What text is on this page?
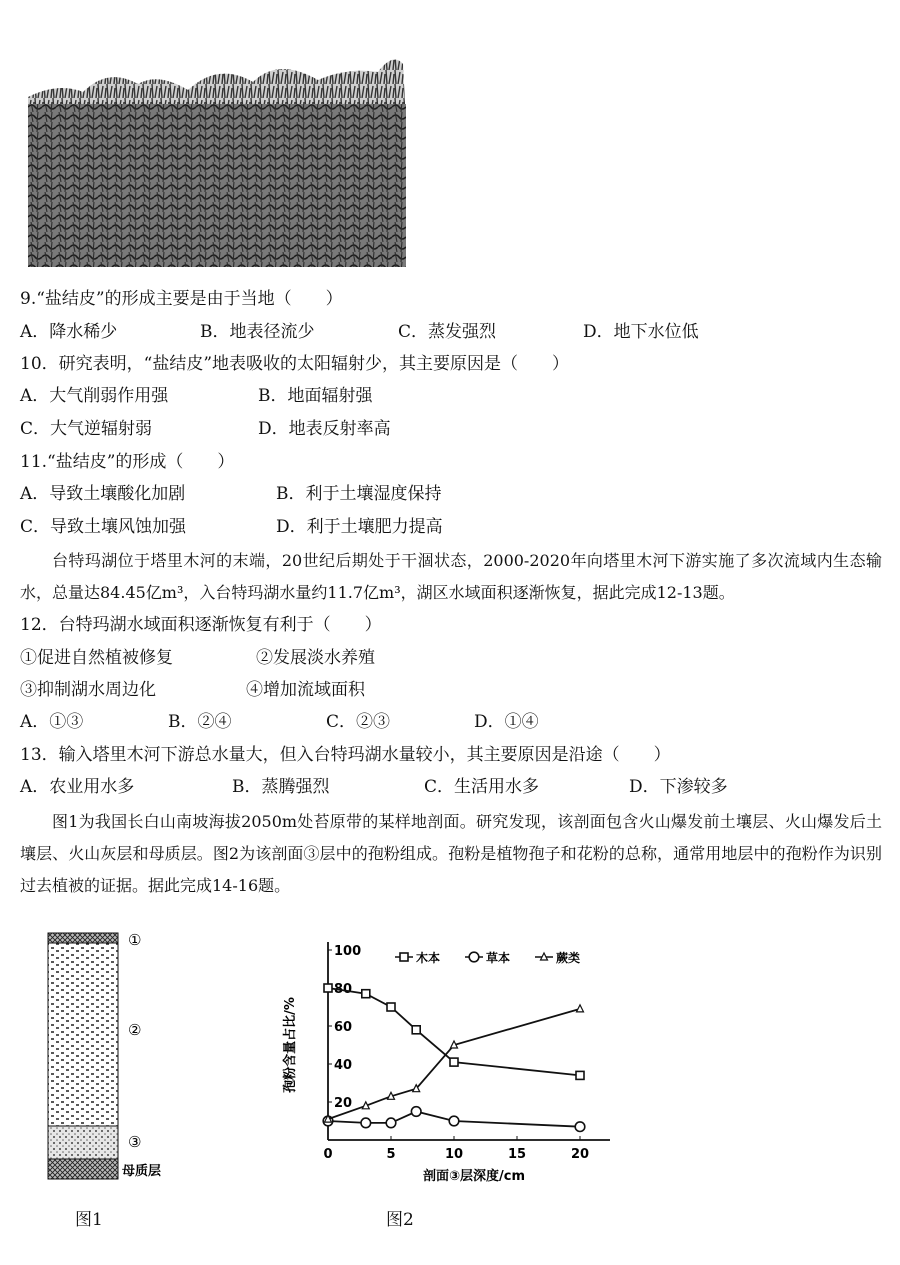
9.“盐结皮”的形成主要是由于当地（　　）
A．降水稀少	B．地表径流少	C．蒸发强烈	D．地下水位低
10．研究表明，“盐结皮”地表吸收的太阳辐射少，其主要原因是（　　）
A．大气削弱作用强	B．地面辐射强
C．大气逆辐射弱	D．地表反射率高
11.“盐结皮”的形成（　　）
A．导致土壤酸化加剧	B．利于土壤湿度保持
C．导致土壤风蚀加强	D．利于土壤肥力提高
台特玛湖位于塔里木河的末端，20世纪后期处于干涸状态，2000-2020年向塔里木河下游实施了多次流域内生态输水，总量达84.45亿m³，入台特玛湖水量约11.7亿m³，湖区水域面积逐渐恢复，据此完成12-13题。
12．台特玛湖水域面积逐渐恢复有利于（　　）
①促进自然植被修复	②发展淡水养殖
③抑制湖水周边化	④增加流域面积
A．①③	B．②④	C．②③	D．①④
13．输入塔里木河下游总水量大，但入台特玛湖水量较小，其主要原因是沿途（　　）
A．农业用水多	B．蒸腾强烈	C．生活用水多	D．下渗较多
图1为我国长白山南坡海拔2050m处苔原带的某样地剖面。研究发现，该剖面包含火山爆发前土壤层、火山爆发后土壤层、火山灰层和母质层。图2为该剖面③层中的孢粉组成。孢粉是植物孢子和花粉的总称，通常用地层中的孢粉作为识别过去植被的证据。据此完成14-16题。
①
②
③
母质层
图1
0	5	10	15	20
20
40
60
80
100
剖面③层深度/cm
孢粉含量占比/%
木本	草本	蕨类
图2
